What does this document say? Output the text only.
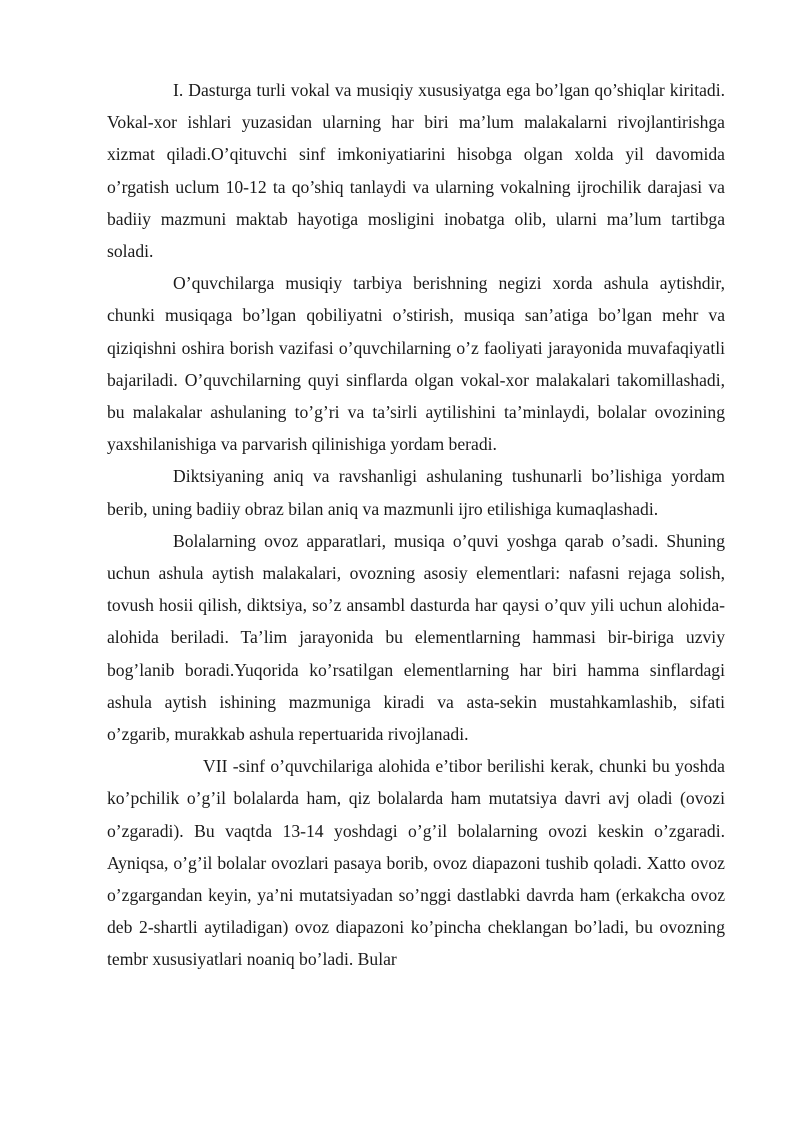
I. Dasturga turli vokal va musiqiy xususiyatga ega bo’lgan qo’shiqlar kiritadi. Vokal-xor ishlari yuzasidan ularning har biri ma’lum malakalarni rivojlantirishga xizmat qiladi.O’qituvchi sinf imkoniyatiarini hisobga olgan xolda yil davomida o’rgatish uclum 10-12 ta qo’shiq tanlaydi va ularning vokalning ijrochilik darajasi va badiiy mazmuni maktab hayotiga mosligini inobatga olib, ularni ma’lum tartibga soladi.

O’quvchilarga musiqiy tarbiya berishning negizi xorda ashula aytishdir, chunki musiqaga bo’lgan qobiliyatni o’stirish, musiqa san’atiga bo’lgan mehr va qiziqishni oshira borish vazifasi o’quvchilarning o’z faoliyati jarayonida muvafaqiyatli bajariladi. O’quvchilarning quyi sinflarda olgan vokal-xor malakalari takomillashadi, bu malakalar ashulaning to’g’ri va ta’sirli aytilishini ta’minlaydi, bolalar ovozining yaxshilanishiga va parvarish qilinishiga yordam beradi.

Diktsiyaning aniq va ravshanligi ashulaning tushunarli bo’lishiga yordam berib, uning badiiy obraz bilan aniq va mazmunli ijro etilishiga kumaqlashadi.

Bolalarning ovoz apparatlari, musiqa o’quvi yoshga qarab o’sadi. Shuning uchun ashula aytish malakalari, ovozning asosiy elementlari: nafasni rejaga solish, tovush hosii qilish, diktsiya, so’z ansambl dasturda har qaysi o’quv yili uchun alohida-alohida beriladi. Ta’lim jarayonida bu elementlarning hammasi bir-biriga uzviy bog’lanib boradi.Yuqorida ko’rsatilgan elementlarning har biri hamma sinflardagi ashula aytish ishining mazmuniga kiradi va asta-sekin mustahkamlashib, sifati o’zgarib, murakkab ashula repertuarida rivojlanadi.

VII -sinf o’quvchilariga alohida e’tibor berilishi kerak, chunki bu yoshda ko’pchilik o’g’il bolalarda ham, qiz bolalarda ham mutatsiya davri avj oladi (ovozi o’zgaradi). Bu vaqtda 13-14 yoshdagi o’g’il bolalarning ovozi keskin o’zgaradi. Ayniqsa, o’g’il bolalar ovozlari pasaya borib, ovoz diapazoni tushib qoladi. Xatto ovoz o’zgargandan keyin, ya’ni mutatsiyadan so’nggi dastlabki davrda ham (erkakcha ovoz deb 2-shartli aytiladigan) ovoz diapazoni ko’pincha cheklangan bo’ladi, bu ovozning tembr xususiyatlari noaniq bo’ladi. Bular
